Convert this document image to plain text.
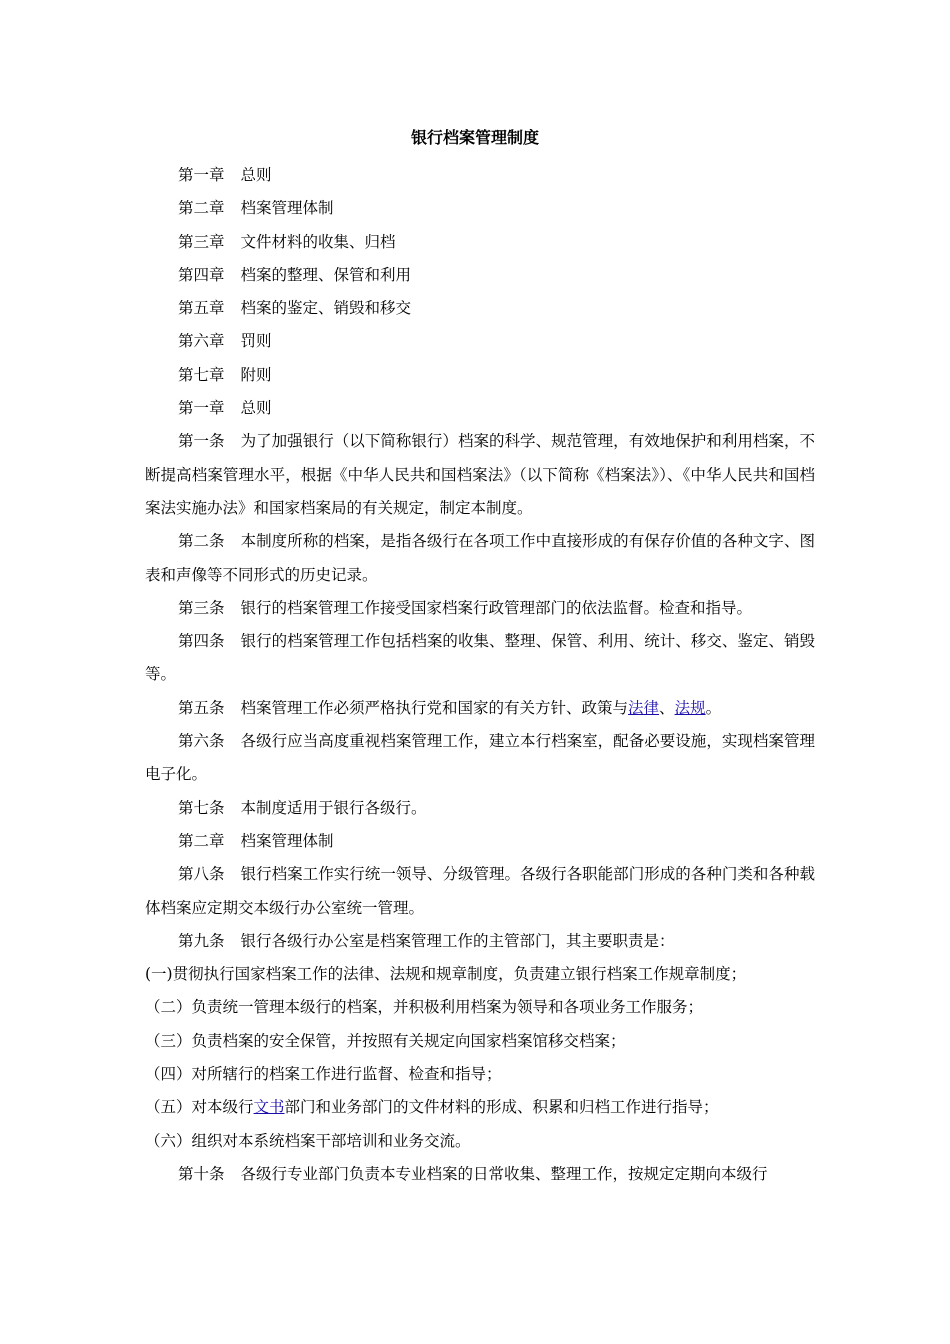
银行档案管理制度

第一章 总则

第二章 档案管理体制

第三章 文件材料的收集、归档

第四章 档案的整理、保管和利用

第五章 档案的鉴定、销毁和移交

第六章 罚则

第七章 附则

第一章 总则

第一条 为了加强银行（以下简称银行）档案的科学、规范管理，有效地保护和利用档案，不断提高档案管理水平，根据《中华人民共和国档案法》（以下简称《档案法》）、《中华人民共和国档案法实施办法》和国家档案局的有关规定，制定本制度。

第二条 本制度所称的档案，是指各级行在各项工作中直接形成的有保存价值的各种文字、图表和声像等不同形式的历史记录。

第三条 银行的档案管理工作接受国家档案行政管理部门的依法监督。检查和指导。

第四条 银行的档案管理工作包括档案的收集、整理、保管、利用、统计、移交、鉴定、销毁等。

第五条 档案管理工作必须严格执行党和国家的有关方针、政策与法律、法规。

第六条 各级行应当高度重视档案管理工作，建立本行档案室，配备必要设施，实现档案管理电子化。

第七条 本制度适用于银行各级行。

第二章 档案管理体制

第八条 银行档案工作实行统一领导、分级管理。各级行各职能部门形成的各种门类和各种载体档案应定期交本级行办公室统一管理。

第九条 银行各级行办公室是档案管理工作的主管部门，其主要职责是：

(一)贯彻执行国家档案工作的法律、法规和规章制度，负责建立银行档案工作规章制度；

（二）负责统一管理本级行的档案，并积极利用档案为领导和各项业务工作服务；

（三）负责档案的安全保管，并按照有关规定向国家档案馆移交档案；

（四）对所辖行的档案工作进行监督、检查和指导；

（五）对本级行文书部门和业务部门的文件材料的形成、积累和归档工作进行指导；

（六）组织对本系统档案干部培训和业务交流。

第十条 各级行专业部门负责本专业档案的日常收集、整理工作，按规定定期向本级行
